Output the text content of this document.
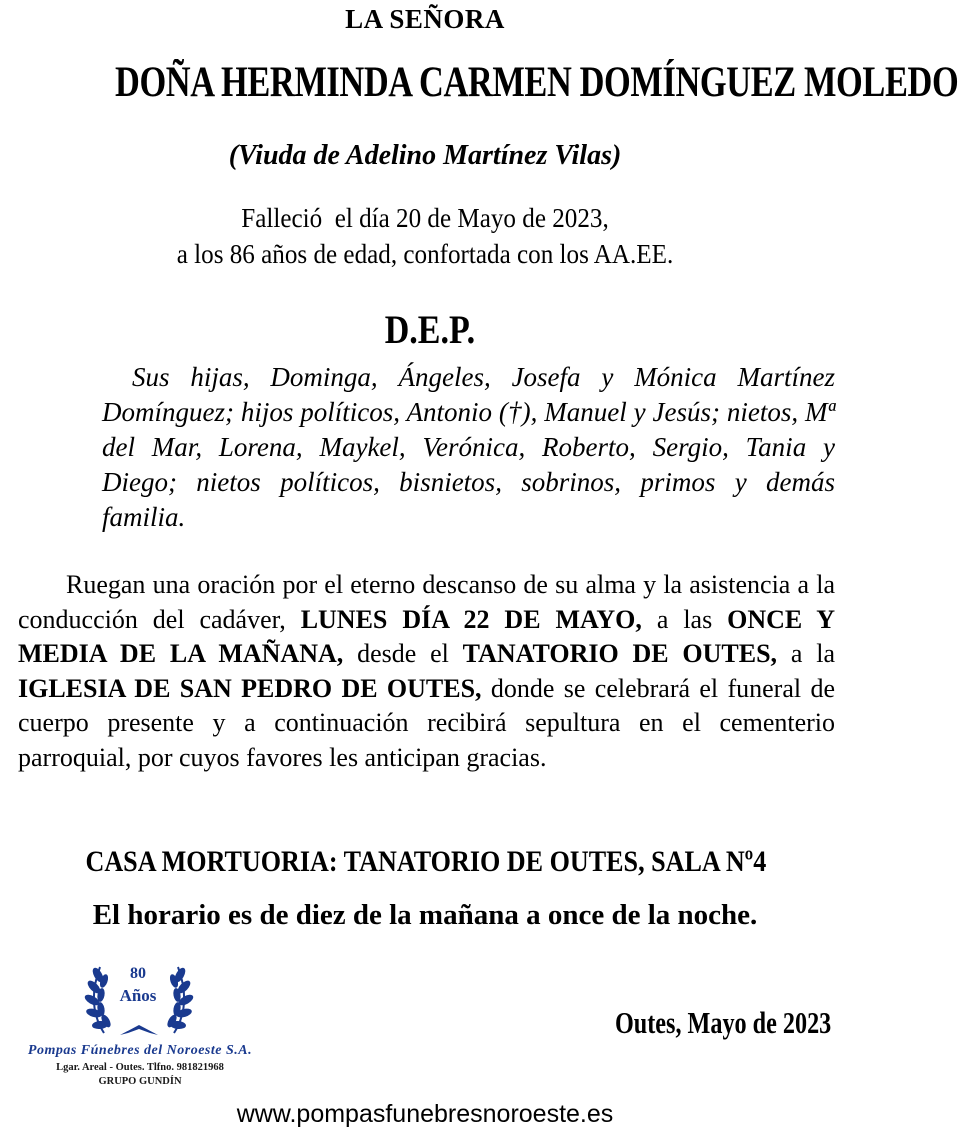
LA SEÑORA
DOÑA HERMINDA CARMEN DOMÍNGUEZ MOLEDO
(Viuda de Adelino Martínez Vilas)
Falleció  el día 20 de Mayo de 2023,
a los 86 años de edad, confortada con los AA.EE.
D.E.P.
Sus hijas, Dominga, Ángeles, Josefa y Mónica Martínez Domínguez; hijos políticos, Antonio (†), Manuel y Jesús; nietos, Mª del Mar, Lorena, Maykel, Verónica, Roberto, Sergio, Tania y Diego; nietos políticos, bisnietos, sobrinos, primos y demás familia.
Ruegan una oración por el eterno descanso de su alma y la asistencia a la conducción del cadáver, LUNES DÍA 22 DE MAYO, a las ONCE Y MEDIA DE LA MAÑANA, desde el TANATORIO DE OUTES, a la IGLESIA DE SAN PEDRO DE OUTES, donde se celebrará el funeral de cuerpo presente y a continuación recibirá sepultura en el cementerio parroquial, por cuyos favores les anticipan gracias.
CASA MORTUORIA: TANATORIO DE OUTES, SALA Nº4
El horario es de diez de la mañana a once de la noche.
80
Años
Pompas Fúnebres del Noroeste S.A.
Lgar. Areal - Outes. Tlfno. 981821968
GRUPO GUNDÍN
Outes, Mayo de 2023
www.pompasfunebresnoroeste.es
